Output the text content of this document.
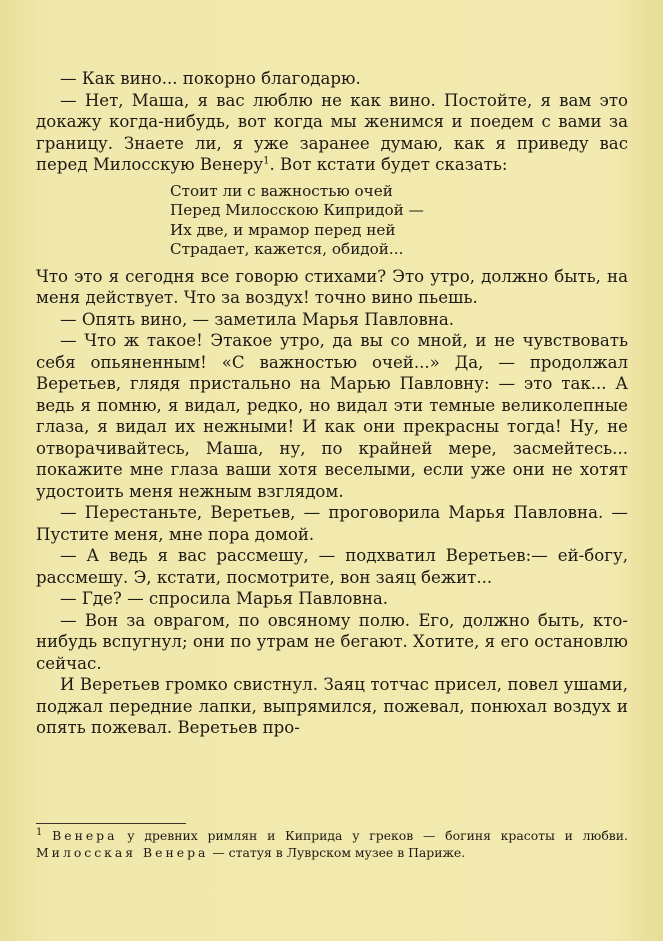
— Как вино... покорно благодарю.

— Нет, Маша, я вас люблю не как вино. Постойте, я вам это докажу когда-нибудь, вот когда мы женимся и поедем с вами за границу. Знаете ли, я уже заранее думаю, как я приведу вас перед Милосскую Венеру$^1$. Вот кстати будет сказать:

Стоит ли с важностью очей
Перед Милосскою Кипридой —
Их две, и мрамор перед ней
Страдает, кажется, обидой...

Что это я сегодня все говорю стихами? Это утро, должно быть, на меня действует. Что за воздух! точно вино пьешь.

— Опять вино, — заметила Марья Павловна.

— Что ж такое! Этакое утро, да вы со мной, и не чувствовать себя опьяненным! «С важностью очей...» Да, — продолжал Веретьев, глядя пристально на Марью Павловну: — это так... А ведь я помню, я видал, редко, но видал эти темные великолепные глаза, я видал их нежными! И как они прекрасны тогда! Ну, не отворачивайтесь, Маша, ну, по крайней мере, засмейтесь... покажите мне глаза ваши хотя веселыми, если уже они не хотят удостоить меня нежным взглядом.

— Перестаньте, Веретьев, — проговорила Марья Павловна. — Пустите меня, мне пора домой.

— А ведь я вас рассмешу, — подхватил Веретьев:— ей-богу, рассмешу. Э, кстати, посмотрите, вон заяц бежит...

— Где? — спросила Марья Павловна.

— Вон за оврагом, по овсяному полю. Его, должно быть, кто-нибудь вспугнул; они по утрам не бегают. Хотите, я его остановлю сейчас.

И Веретьев громко свистнул. Заяц тотчас присел, повел ушами, поджал передние лапки, выпрямился, пожевал, понюхал воздух и опять пожевал. Веретьев про-

$^1$ Венера у древних римлян и Киприда у греков — богиня красоты и любви. Милосская Венера — статуя в Луврском музее в Париже.
